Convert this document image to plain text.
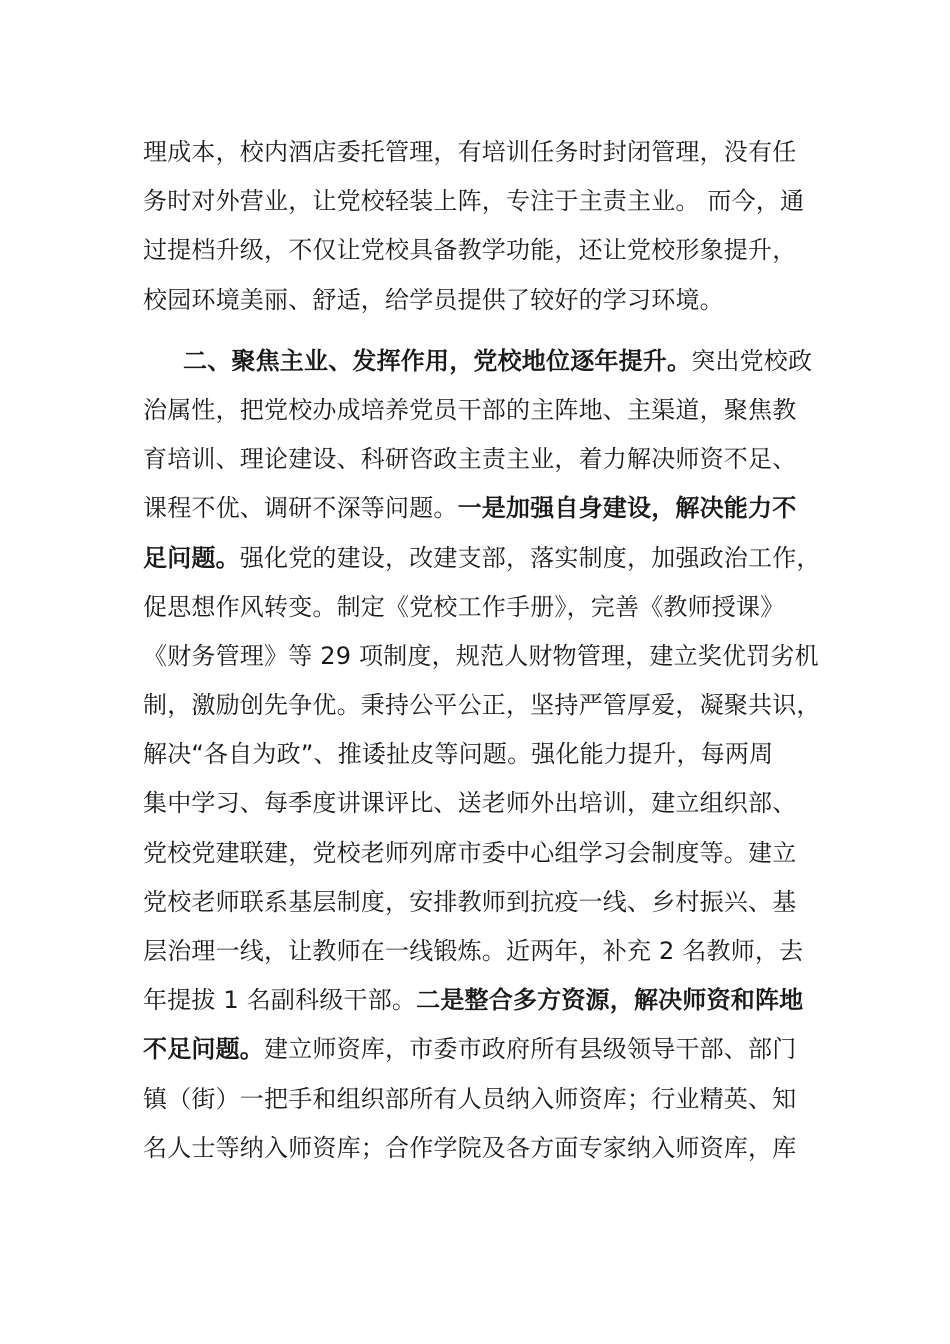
理成本，校内酒店委托管理，有培训任务时封闭管理，没有任
务时对外营业，让党校轻装上阵，专注于主责主业。 而今，通
过提档升级，不仅让党校具备教学功能，还让党校形象提升，
校园环境美丽、舒适，给学员提供了较好的学习环境。
二、聚焦主业、发挥作用，党校地位逐年提升。突出党校政
治属性，把党校办成培养党员干部的主阵地、主渠道，聚焦教
育培训、理论建设、科研咨政主责主业，着力解决师资不足、
课程不优、调研不深等问题。一是加强自身建设，解决能力不
足问题。强化党的建设，改建支部，落实制度，加强政治工作，
促思想作风转变。制定《党校工作手册》，完善《教师授课》
《财务管理》等 29 项制度，规范人财物管理，建立奖优罚劣机
制，激励创先争优。秉持公平公正，坚持严管厚爱，凝聚共识，
解决“各自为政”、推诿扯皮等问题。强化能力提升，每两周
集中学习、每季度讲课评比、送老师外出培训，建立组织部、
党校党建联建，党校老师列席市委中心组学习会制度等。建立
党校老师联系基层制度，安排教师到抗疫一线、乡村振兴、基
层治理一线，让教师在一线锻炼。近两年，补充 2 名教师，去
年提拔 1 名副科级干部。二是整合多方资源，解决师资和阵地
不足问题。建立师资库，市委市政府所有县级领导干部、部门
镇（街）一把手和组织部所有人员纳入师资库；行业精英、知
名人士等纳入师资库；合作学院及各方面专家纳入师资库，库
